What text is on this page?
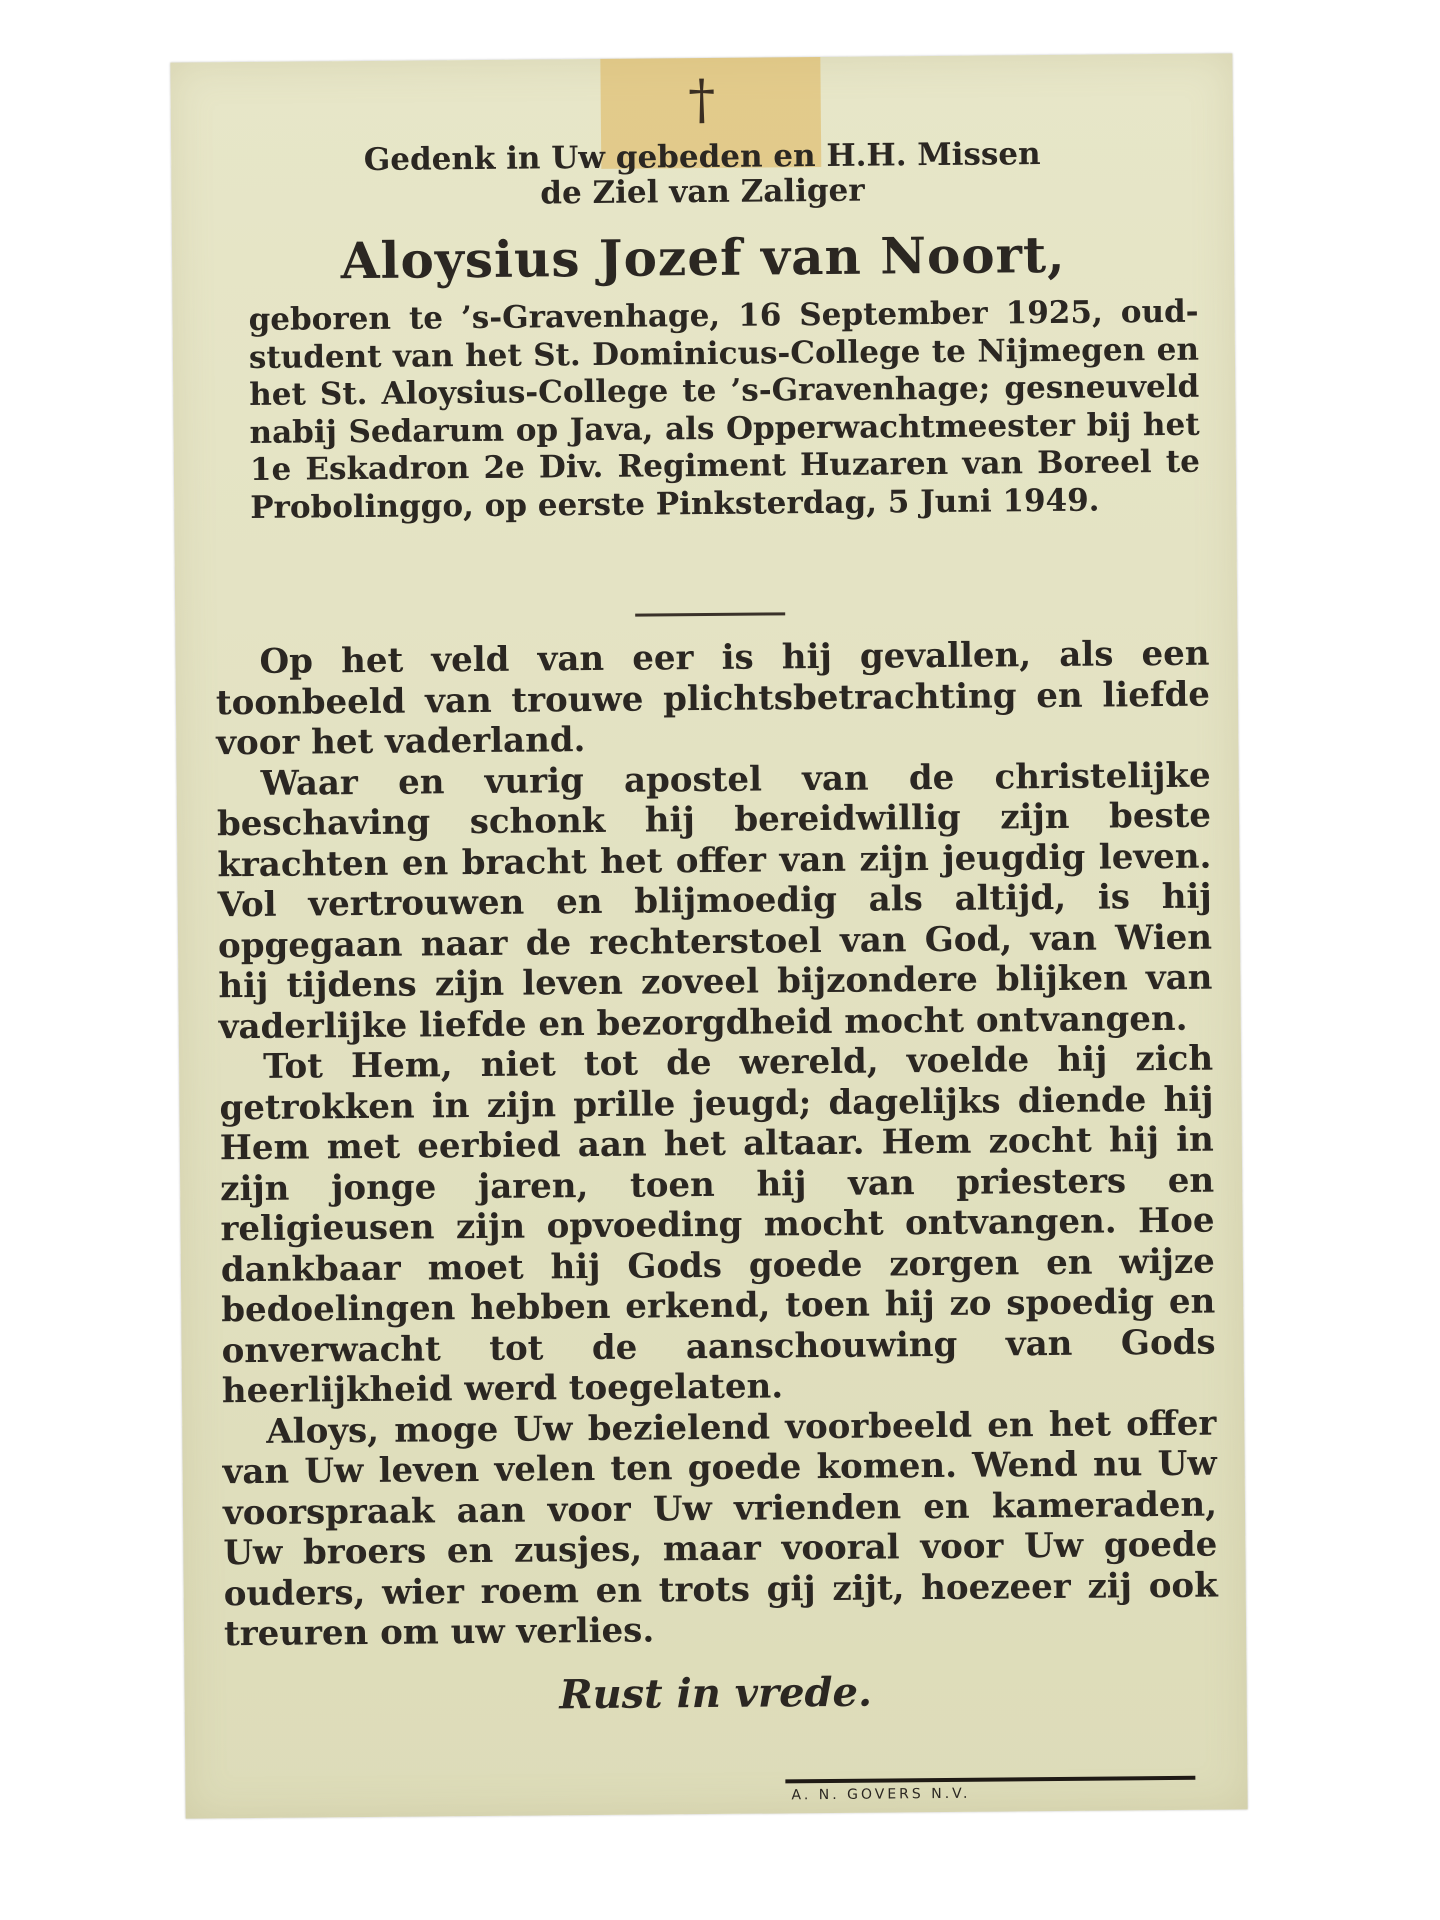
†
Gedenk in Uw gebeden en H.H. Missen
de Ziel van Zaliger
Aloysius Jozef van Noort,
geboren te ’s-Gravenhage, 16 September 1925, oud-student van het St. Dominicus-College te Nijmegen en het St. Aloysius-College te ’s-Gravenhage; gesneuveld nabij Sedarum op Java, als Opperwachtmeester bij het 1e Eskadron 2e Div. Regiment Huzaren van Boreel te Probolinggo, op eerste Pinksterdag, 5 Juni 1949.

Op het veld van eer is hij gevallen, als een toonbeeld van trouwe plichtsbetrachting en liefde voor het vaderland.

Waar en vurig apostel van de christelijke beschaving schonk hij bereidwillig zijn beste krachten en bracht het offer van zijn jeugdig leven. Vol vertrouwen en blijmoedig als altijd, is hij opgegaan naar de rechterstoel van God, van Wien hij tijdens zijn leven zoveel bijzondere blijken van vaderlijke liefde en bezorgdheid mocht ontvangen.

Tot Hem, niet tot de wereld, voelde hij zich getrokken in zijn prille jeugd; dagelijks diende hij Hem met eerbied aan het altaar. Hem zocht hij in zijn jonge jaren, toen hij van priesters en religieusen zijn opvoeding mocht ontvangen. Hoe dankbaar moet hij Gods goede zorgen en wijze bedoelingen hebben erkend, toen hij zo spoedig en onverwacht tot de aanschouwing van Gods heerlijkheid werd toegelaten.

Aloys, moge Uw bezielend voorbeeld en het offer van Uw leven velen ten goede komen. Wend nu Uw voorspraak aan voor Uw vrienden en kameraden, Uw broers en zusjes, maar vooral voor Uw goede ouders, wier roem en trots gij zijt, hoezeer zij ook treuren om uw verlies.

Rust in vrede.
A. N. GOVERS N.V.
